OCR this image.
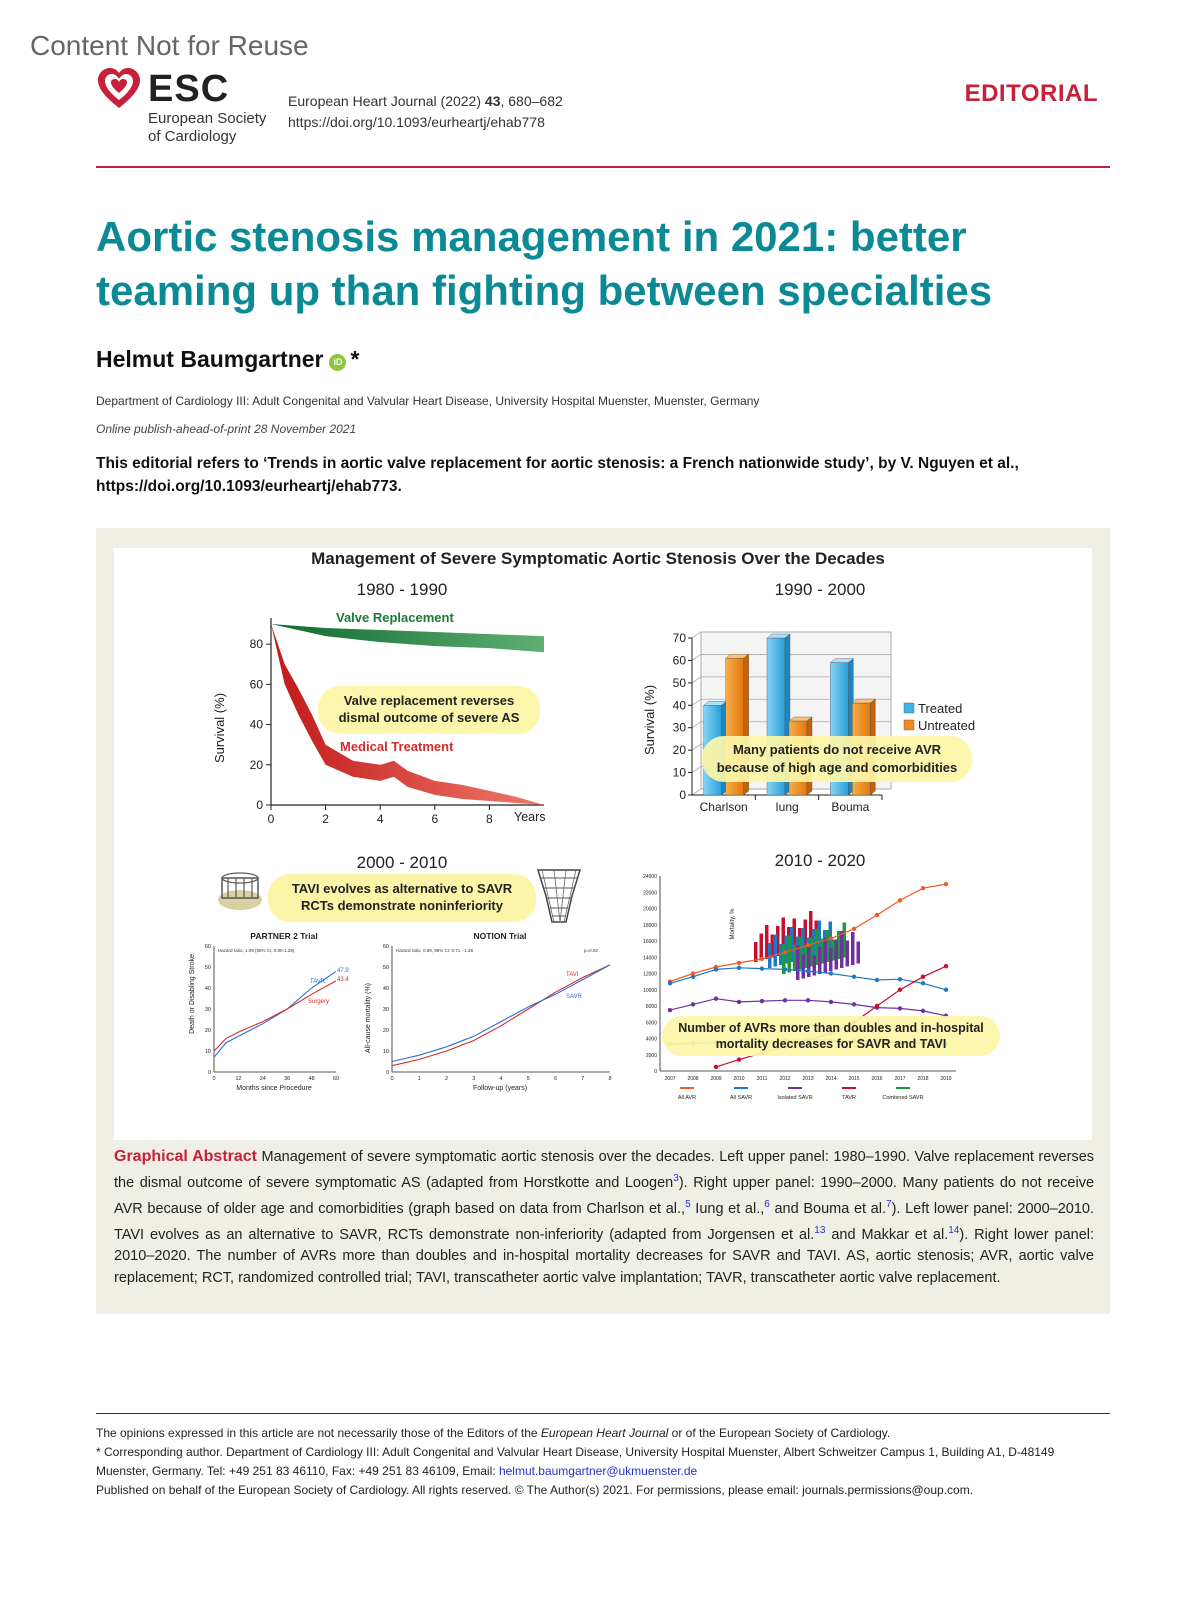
Content Not for Reuse
ESC
European Society
of Cardiology
European Heart Journal (2022) 43, 680–682
https://doi.org/10.1093/eurheartj/ehab778
EDITORIAL
Aortic stenosis management in 2021: better teaming up than fighting between specialties
Helmut Baumgartner iD *
Department of Cardiology III: Adult Congenital and Valvular Heart Disease, University Hospital Muenster, Muenster, Germany
Online publish-ahead-of-print 28 November 2021
This editorial refers to ‘Trends in aortic valve replacement for aortic stenosis: a French nationwide study’, by V. Nguyen et al., https://doi.org/10.1093/eurheartj/ehab773.
Management of Severe Symptomatic Aortic Stenosis Over the Decades
1980 - 1990	1990 - 2000
2000 - 2010	2010 - 2020
Survival (%)
0
20
40
60
80
0	2	4	6	8 Years
Valve Replacement
Medical Treatment
Valve replacement reverses
dismal outcome of severe AS	Survival (%)
0
10
20
30
40
50
60
70
Charlson Iung	Bouma
Treated
Untreated
Many patients do not receive AVR
because of high age and comorbidities
TAVI evolves as alternative to SAVR
RCTs demonstrate noninferiority
PARTNER 2 Trial
Death or Disabling Stroke
Months since Procedure
Hazard ratio, 1.09 (95% CI, 0.90-1.29)
0
10
20
30
40
50
60
0	12	24	36	48	60
TAVR
Surgery
47.9
43.4
NOTION Trial
All-cause mortality (%)
Follow-up (years)
Hazard ratio, 0.99, 95% CI: 0.71 - 1.38	p=0.93
0
10
20
30
40
50
60
0	1	2	3	4	5	6	7	8
TAVI
SAVR
0
2000
4000
6000
8000
10000
12000
14000
16000
18000
20000
22000
24000
2007 2008 2009 2010 2011 2012 2013 2014 2015 2016 2017 2018 2019
Mortality, %
All AVR	All SAVR	Isolated SAVR	TAVR	Combined SAVR
Number of AVRs more than doubles and in-hospital
mortality decreases for SAVR and TAVI
Graphical Abstract Management of severe symptomatic aortic stenosis over the decades. Left upper panel: 1980–1990. Valve replacement reverses the dismal outcome of severe symptomatic AS (adapted from Horstkotte and Loogen$^3$). Right upper panel: 1990–2000. Many patients do not receive AVR because of older age and comorbidities (graph based on data from Charlson et al.,$^5$ Iung et al.,$^6$ and Bouma et al.$^7$). Left lower panel: 2000–2010. TAVI evolves as an alternative to SAVR, RCTs demonstrate non-inferiority (adapted from Jorgensen et al.$^{13}$ and Makkar et al.$^{14}$). Right lower panel: 2010–2020. The number of AVRs more than doubles and in-hospital mortality decreases for SAVR and TAVI. AS, aortic stenosis; AVR, aortic valve replacement; RCT, randomized controlled trial; TAVI, transcatheter aortic valve implantation; TAVR, transcatheter aortic valve replacement.
The opinions expressed in this article are not necessarily those of the Editors of the European Heart Journal or of the European Society of Cardiology.
* Corresponding author. Department of Cardiology III: Adult Congenital and Valvular Heart Disease, University Hospital Muenster, Albert Schweitzer Campus 1, Building A1, D-48149 Muenster, Germany. Tel: +49 251 83 46110, Fax: +49 251 83 46109, Email: helmut.baumgartner@ukmuenster.de
Published on behalf of the European Society of Cardiology. All rights reserved. © The Author(s) 2021. For permissions, please email: journals.permissions@oup.com.
